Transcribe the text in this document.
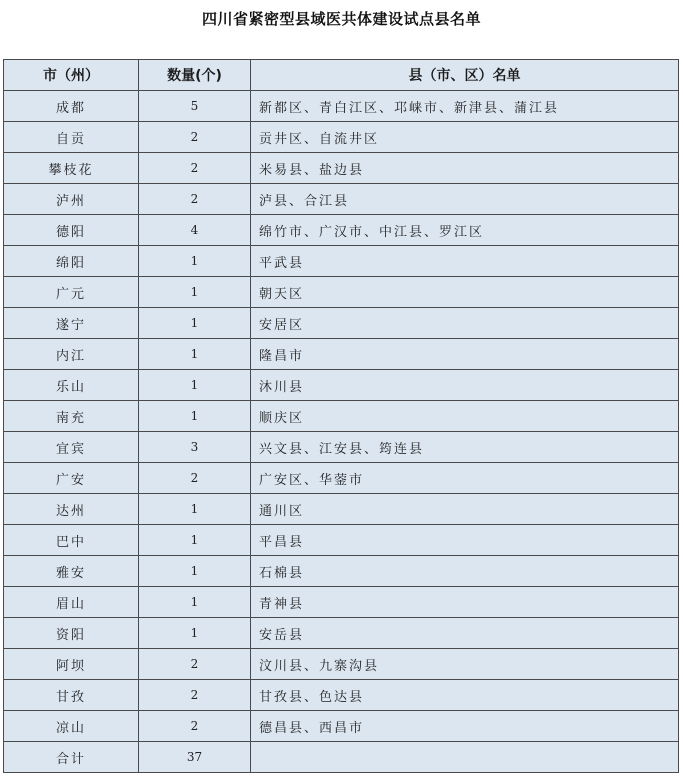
四川省紧密型县域医共体建设试点县名单
市（州）	数量(个)	县（市、区）名单
成都	5	新都区、青白江区、邛崃市、新津县、蒲江县
自贡	2	贡井区、自流井区
攀枝花	2	米易县、盐边县
泸州	2	泸县、合江县
德阳	4	绵竹市、广汉市、中江县、罗江区
绵阳	1	平武县
广元	1	朝天区
遂宁	1	安居区
内江	1	隆昌市
乐山	1	沐川县
南充	1	顺庆区
宜宾	3	兴文县、江安县、筠连县
广安	2	广安区、华蓥市
达州	1	通川区
巴中	1	平昌县
雅安	1	石棉县
眉山	1	青神县
资阳	1	安岳县
阿坝	2	汶川县、九寨沟县
甘孜	2	甘孜县、色达县
凉山	2	德昌县、西昌市
合计	37	
